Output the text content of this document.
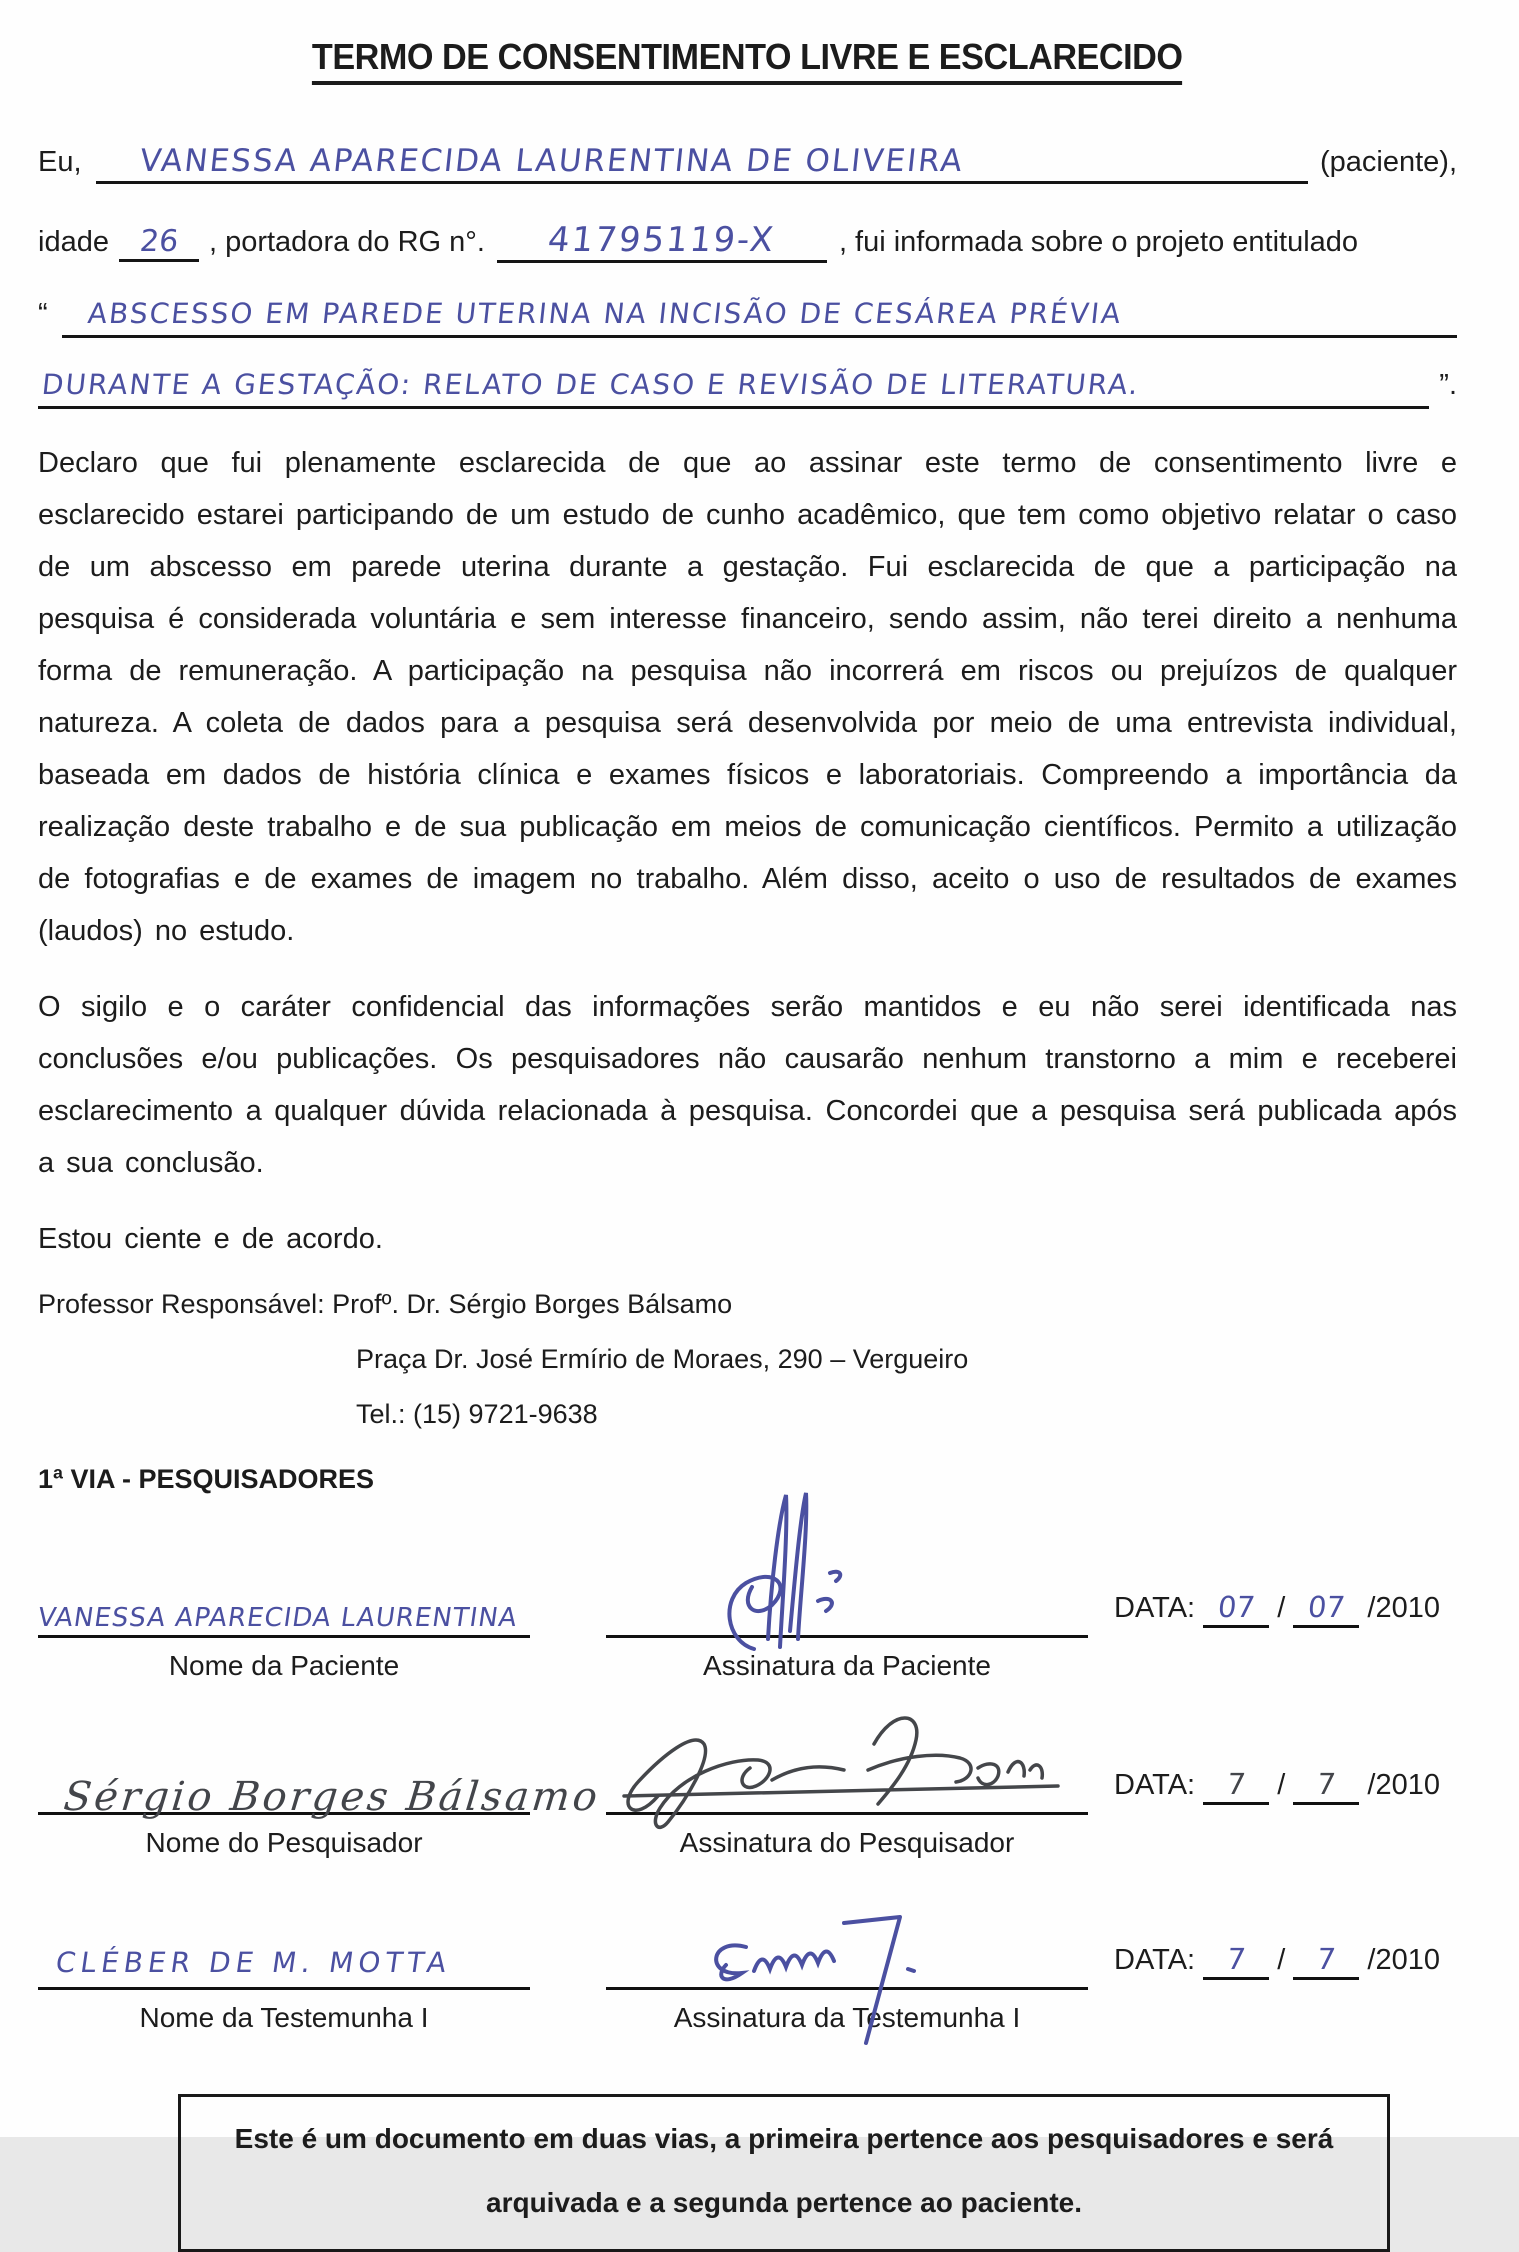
TERMO DE CONSENTIMENTO LIVRE E ESCLARECIDO
Eu,	VANESSA APARECIDA LAURENTINA DE OLIVEIRA	(paciente),
idade 26	, portadora do RG n°.	41795119-X	, fui informada sobre o projeto entitulado
“	ABSCESSO EM PAREDE UTERINA NA INCISÃO DE CESÁREA PRÉVIA
DURANTE A GESTAÇÃO: RELATO DE CASO E REVISÃO DE LITERATURA.	”.

Declaro que fui plenamente esclarecida de que ao assinar este termo de consentimento livre e esclarecido estarei participando de um estudo de cunho acadêmico, que tem como objetivo relatar o caso de um abscesso em parede uterina durante a gestação. Fui esclarecida de que a participação na pesquisa é considerada voluntária e sem interesse financeiro, sendo assim, não terei direito a nenhuma forma de remuneração. A participação na pesquisa não incorrerá em riscos ou prejuízos de qualquer natureza. A coleta de dados para a pesquisa será desenvolvida por meio de uma entrevista individual, baseada em dados de história clínica e exames físicos e laboratoriais. Compreendo a importância da realização deste trabalho e de sua publicação em meios de comunicação científicos. Permito a utilização de fotografias e de exames de imagem no trabalho. Além disso, aceito o uso de resultados de exames (laudos) no estudo.

O sigilo e o caráter confidencial das informações serão mantidos e eu não serei identificada nas conclusões e/ou publicações. Os pesquisadores não causarão nenhum transtorno a mim e receberei esclarecimento a qualquer dúvida relacionada à pesquisa. Concordei que a pesquisa será publicada após a sua conclusão.

Estou ciente e de acordo.

Professor Responsável: Profº. Dr. Sérgio Borges Bálsamo
Praça Dr. José Ermírio de Moraes, 290 – Vergueiro
Tel.: (15) 9721-9638
1ª VIA - PESQUISADORES
VANESSA APARECIDA LAURENTINA
Nome da Paciente	Assinatura da Paciente
DATA: 07 / 07 /2010
Sérgio Borges Bálsamo
Nome do Pesquisador	Assinatura do Pesquisador
DATA: 7 / 7 /2010
CLÉBER DE M. MOTTA
Nome da Testemunha I	Assinatura da Testemunha I
DATA: 7 / 7 /2010
Este é um documento em duas vias, a primeira pertence aos pesquisadores e será
arquivada e a segunda pertence ao paciente.
